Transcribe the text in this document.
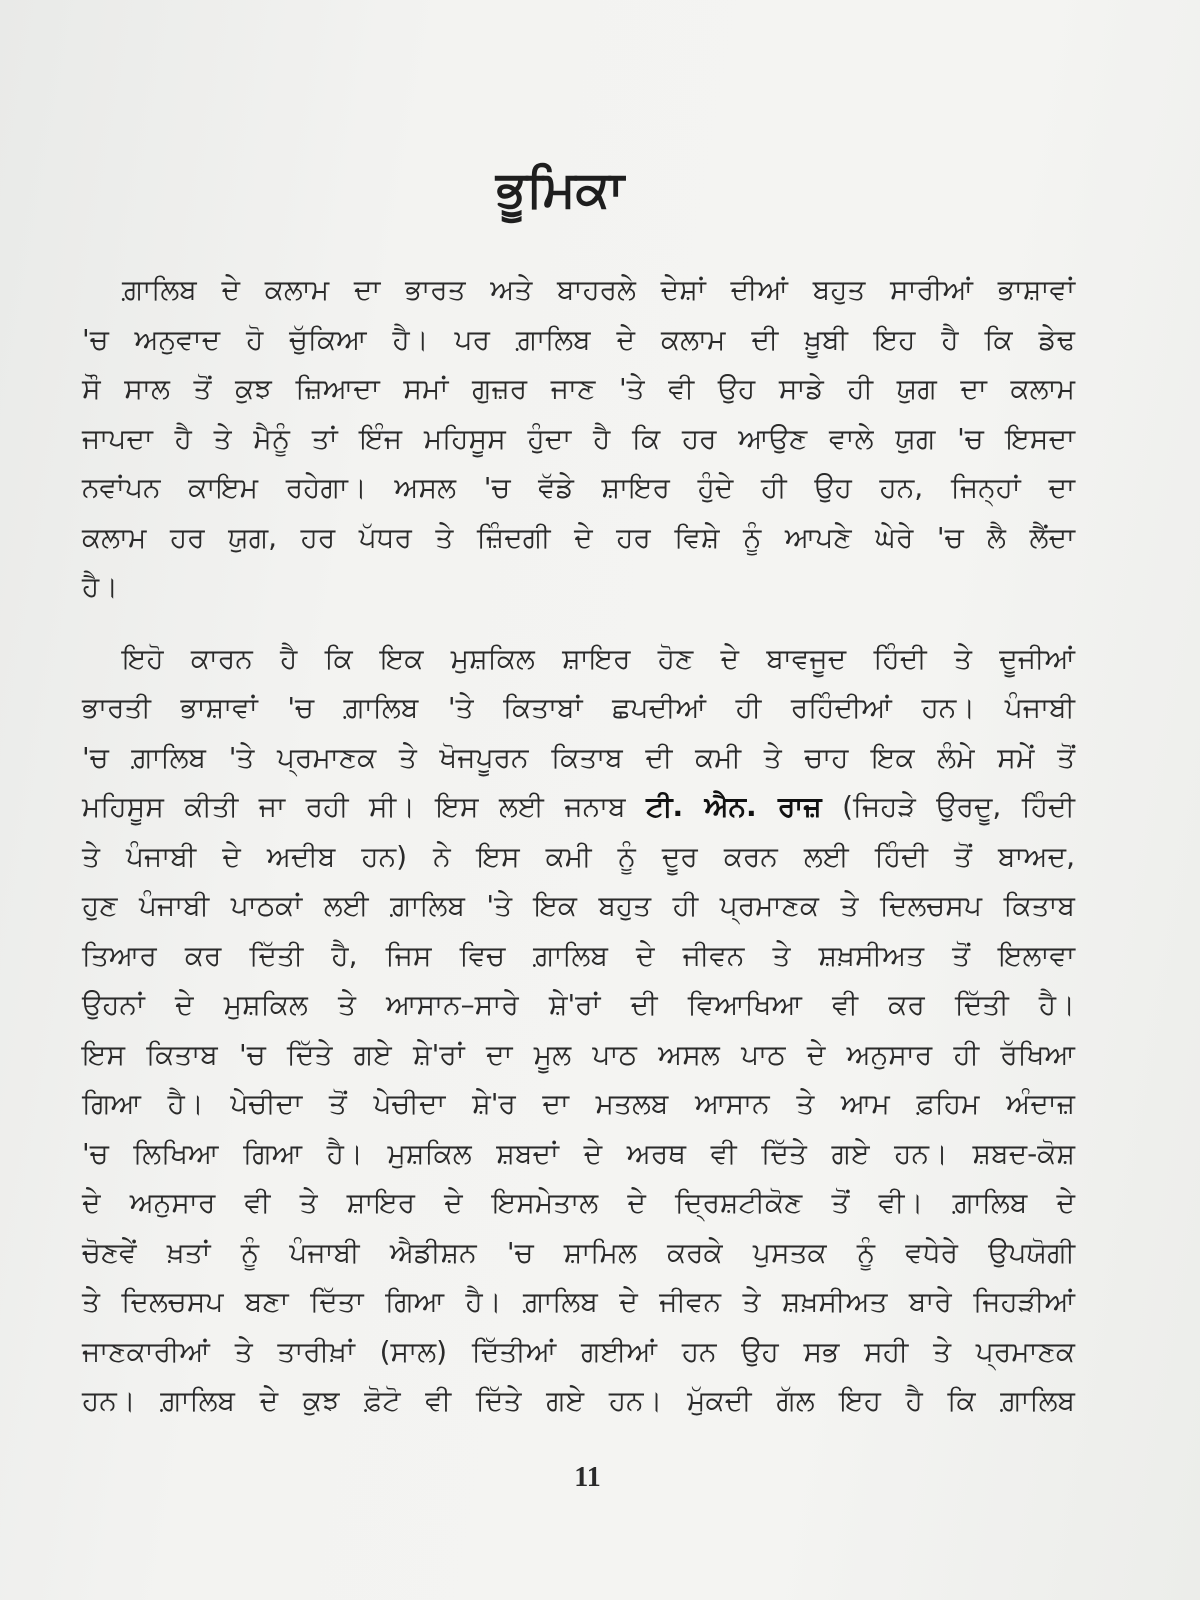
ਭੂਮਿਕਾ
ਗ਼ਾਲਿਬ ਦੇ ਕਲਾਮ ਦਾ ਭਾਰਤ ਅਤੇ ਬਾਹਰਲੇ ਦੇਸ਼ਾਂ ਦੀਆਂ ਬਹੁਤ ਸਾਰੀਆਂ ਭਾਸ਼ਾਵਾਂ
'ਚ ਅਨੁਵਾਦ ਹੋ ਚੁੱਕਿਆ ਹੈ। ਪਰ ਗ਼ਾਲਿਬ ਦੇ ਕਲਾਮ ਦੀ ਖ਼ੂਬੀ ਇਹ ਹੈ ਕਿ ਡੇਢ
ਸੌ ਸਾਲ ਤੋਂ ਕੁਝ ਜ਼ਿਆਦਾ ਸਮਾਂ ਗੁਜ਼ਰ ਜਾਣ 'ਤੇ ਵੀ ਉਹ ਸਾਡੇ ਹੀ ਯੁਗ ਦਾ ਕਲਾਮ
ਜਾਪਦਾ ਹੈ ਤੇ ਮੈਨੂੰ ਤਾਂ ਇੰਜ ਮਹਿਸੂਸ ਹੁੰਦਾ ਹੈ ਕਿ ਹਰ ਆਉਣ ਵਾਲੇ ਯੁਗ 'ਚ ਇਸਦਾ
ਨਵਾਂਪਨ ਕਾਇਮ ਰਹੇਗਾ। ਅਸਲ 'ਚ ਵੱਡੇ ਸ਼ਾਇਰ ਹੁੰਦੇ ਹੀ ਉਹ ਹਨ, ਜਿਨ੍ਹਾਂ ਦਾ
ਕਲਾਮ ਹਰ ਯੁਗ, ਹਰ ਪੱਧਰ ਤੇ ਜ਼ਿੰਦਗੀ ਦੇ ਹਰ ਵਿਸ਼ੇ ਨੂੰ ਆਪਣੇ ਘੇਰੇ 'ਚ ਲੈ ਲੈਂਦਾ
ਹੈ।
ਇਹੋ ਕਾਰਨ ਹੈ ਕਿ ਇਕ ਮੁਸ਼ਕਿਲ ਸ਼ਾਇਰ ਹੋਣ ਦੇ ਬਾਵਜੂਦ ਹਿੰਦੀ ਤੇ ਦੂਜੀਆਂ
ਭਾਰਤੀ ਭਾਸ਼ਾਵਾਂ 'ਚ ਗ਼ਾਲਿਬ 'ਤੇ ਕਿਤਾਬਾਂ ਛਪਦੀਆਂ ਹੀ ਰਹਿੰਦੀਆਂ ਹਨ। ਪੰਜਾਬੀ
'ਚ ਗ਼ਾਲਿਬ 'ਤੇ ਪ੍ਰਮਾਣਕ ਤੇ ਖੋਜਪੂਰਨ ਕਿਤਾਬ ਦੀ ਕਮੀ ਤੇ ਚਾਹ ਇਕ ਲੰਮੇ ਸਮੇਂ ਤੋਂ
ਮਹਿਸੂਸ ਕੀਤੀ ਜਾ ਰਹੀ ਸੀ। ਇਸ ਲਈ ਜਨਾਬ ਟੀ. ਐਨ. ਰਾਜ਼ (ਜਿਹੜੇ ਉਰਦੂ, ਹਿੰਦੀ
ਤੇ ਪੰਜਾਬੀ ਦੇ ਅਦੀਬ ਹਨ) ਨੇ ਇਸ ਕਮੀ ਨੂੰ ਦੂਰ ਕਰਨ ਲਈ ਹਿੰਦੀ ਤੋਂ ਬਾਅਦ,
ਹੁਣ ਪੰਜਾਬੀ ਪਾਠਕਾਂ ਲਈ ਗ਼ਾਲਿਬ 'ਤੇ ਇਕ ਬਹੁਤ ਹੀ ਪ੍ਰਮਾਣਕ ਤੇ ਦਿਲਚਸਪ ਕਿਤਾਬ
ਤਿਆਰ ਕਰ ਦਿੱਤੀ ਹੈ, ਜਿਸ ਵਿਚ ਗ਼ਾਲਿਬ ਦੇ ਜੀਵਨ ਤੇ ਸ਼ਖ਼ਸੀਅਤ ਤੋਂ ਇਲਾਵਾ
ਉਹਨਾਂ ਦੇ ਮੁਸ਼ਕਿਲ ਤੇ ਆਸਾਨ–ਸਾਰੇ ਸ਼ੇ'ਰਾਂ ਦੀ ਵਿਆਖਿਆ ਵੀ ਕਰ ਦਿੱਤੀ ਹੈ।
ਇਸ ਕਿਤਾਬ 'ਚ ਦਿੱਤੇ ਗਏ ਸ਼ੇ'ਰਾਂ ਦਾ ਮੂਲ ਪਾਠ ਅਸਲ ਪਾਠ ਦੇ ਅਨੁਸਾਰ ਹੀ ਰੱਖਿਆ
ਗਿਆ ਹੈ। ਪੇਚੀਦਾ ਤੋਂ ਪੇਚੀਦਾ ਸ਼ੇ'ਰ ਦਾ ਮਤਲਬ ਆਸਾਨ ਤੇ ਆਮ ਫ਼ਹਿਮ ਅੰਦਾਜ਼
'ਚ ਲਿਖਿਆ ਗਿਆ ਹੈ। ਮੁਸ਼ਕਿਲ ਸ਼ਬਦਾਂ ਦੇ ਅਰਥ ਵੀ ਦਿੱਤੇ ਗਏ ਹਨ। ਸ਼ਬਦ-ਕੋਸ਼
ਦੇ ਅਨੁਸਾਰ ਵੀ ਤੇ ਸ਼ਾਇਰ ਦੇ ਇਸਮੇਤਾਲ ਦੇ ਦ੍ਰਿਸ਼ਟੀਕੋਣ ਤੋਂ ਵੀ। ਗ਼ਾਲਿਬ ਦੇ
ਚੋਣਵੇਂ ਖ਼ਤਾਂ ਨੂੰ ਪੰਜਾਬੀ ਐਡੀਸ਼ਨ 'ਚ ਸ਼ਾਮਿਲ ਕਰਕੇ ਪੁਸਤਕ ਨੂੰ ਵਧੇਰੇ ਉਪਯੋਗੀ
ਤੇ ਦਿਲਚਸਪ ਬਣਾ ਦਿੱਤਾ ਗਿਆ ਹੈ। ਗ਼ਾਲਿਬ ਦੇ ਜੀਵਨ ਤੇ ਸ਼ਖ਼ਸੀਅਤ ਬਾਰੇ ਜਿਹੜੀਆਂ
ਜਾਣਕਾਰੀਆਂ ਤੇ ਤਾਰੀਖ਼ਾਂ (ਸਾਲ) ਦਿੱਤੀਆਂ ਗਈਆਂ ਹਨ ਉਹ ਸਭ ਸਹੀ ਤੇ ਪ੍ਰਮਾਣਕ
ਹਨ। ਗ਼ਾਲਿਬ ਦੇ ਕੁਝ ਫ਼ੋਟੋ ਵੀ ਦਿੱਤੇ ਗਏ ਹਨ। ਮੁੱਕਦੀ ਗੱਲ ਇਹ ਹੈ ਕਿ ਗ਼ਾਲਿਬ
11
